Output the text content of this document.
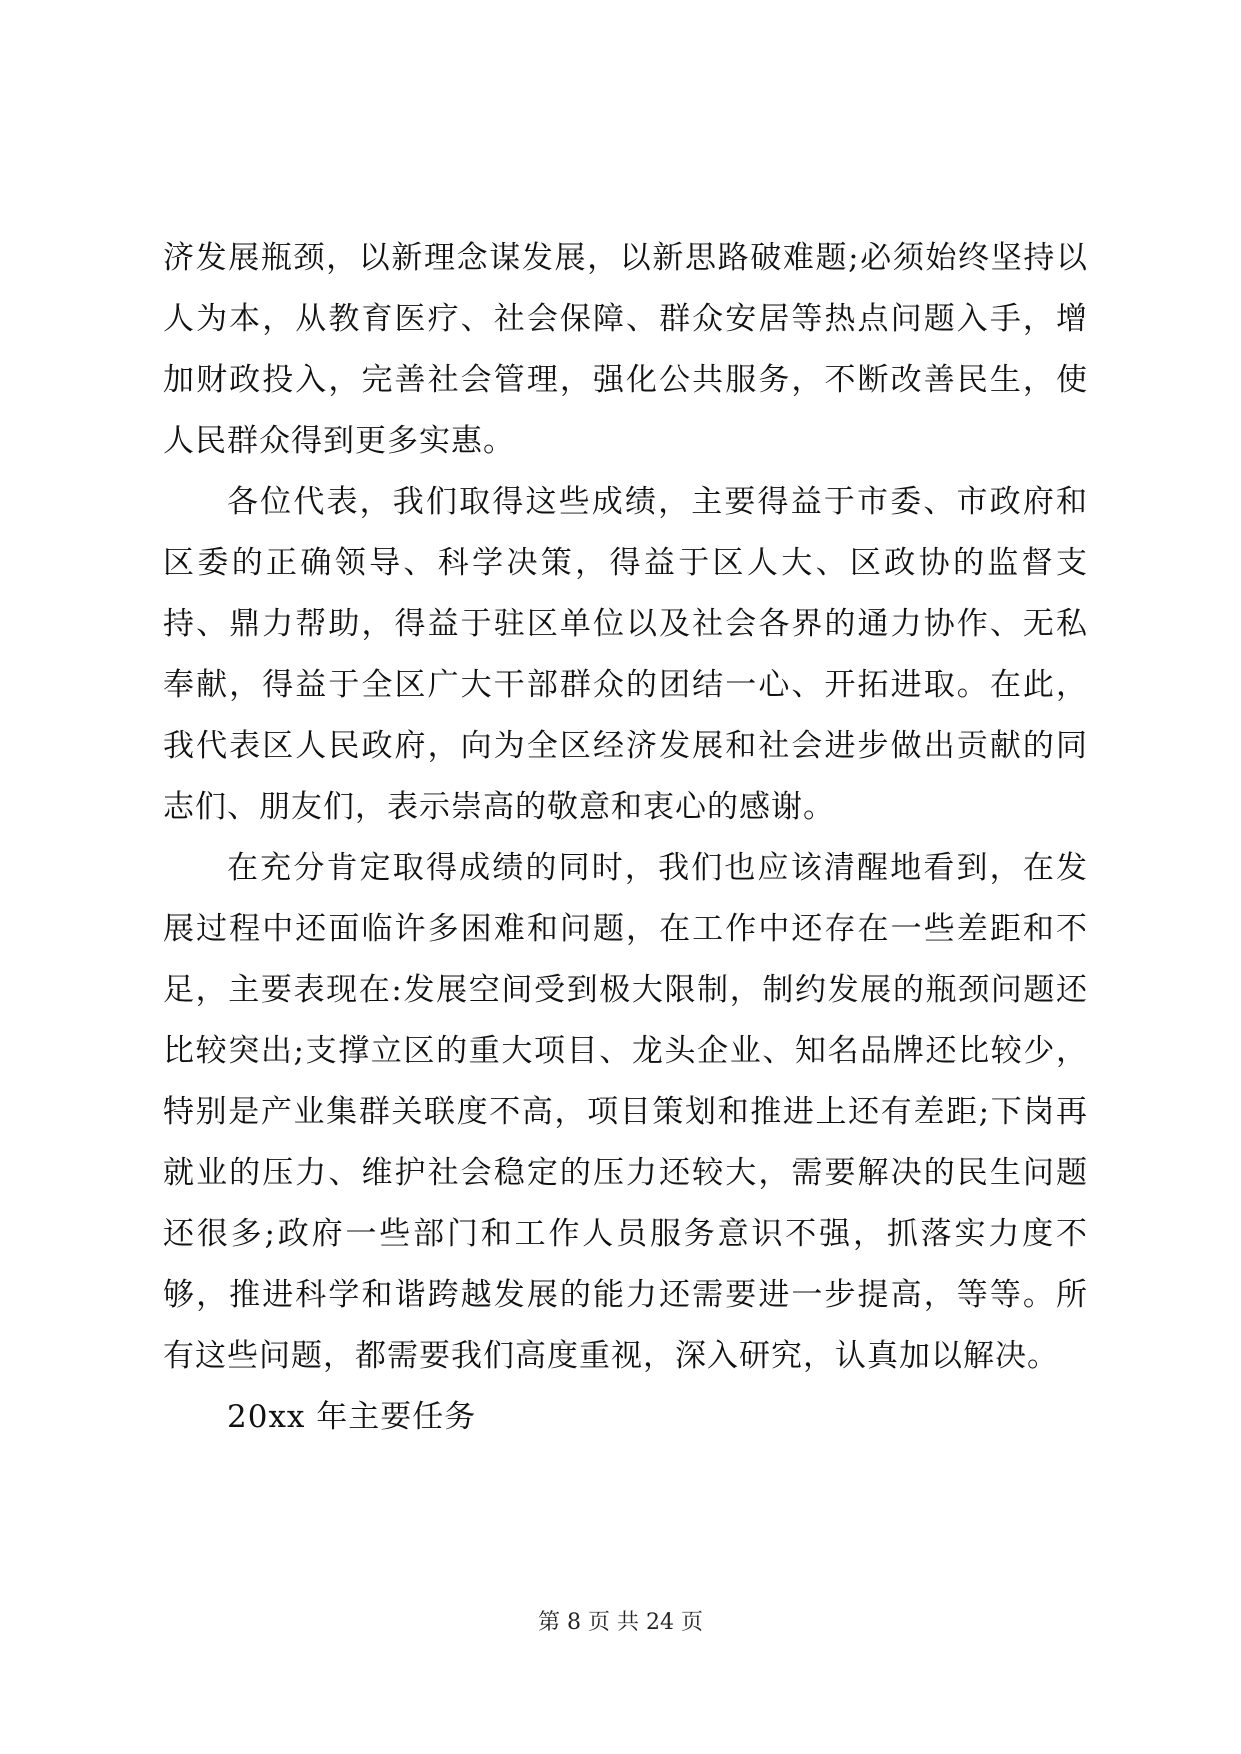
济发展瓶颈，以新理念谋发展，以新思路破难题;必须始终坚持以人为本，从教育医疗、社会保障、群众安居等热点问题入手，增加财政投入，完善社会管理，强化公共服务，不断改善民生，使人民群众得到更多实惠。

各位代表，我们取得这些成绩，主要得益于市委、市政府和区委的正确领导、科学决策，得益于区人大、区政协的监督支持、鼎力帮助，得益于驻区单位以及社会各界的通力协作、无私奉献，得益于全区广大干部群众的团结一心、开拓进取。在此，我代表区人民政府，向为全区经济发展和社会进步做出贡献的同志们、朋友们，表示崇高的敬意和衷心的感谢。

在充分肯定取得成绩的同时，我们也应该清醒地看到，在发展过程中还面临许多困难和问题，在工作中还存在一些差距和不足，主要表现在:发展空间受到极大限制，制约发展的瓶颈问题还比较突出;支撑立区的重大项目、龙头企业、知名品牌还比较少，特别是产业集群关联度不高，项目策划和推进上还有差距;下岗再就业的压力、维护社会稳定的压力还较大，需要解决的民生问题还很多;政府一些部门和工作人员服务意识不强，抓落实力度不够，推进科学和谐跨越发展的能力还需要进一步提高，等等。所有这些问题，都需要我们高度重视，深入研究，认真加以解决。

20xx 年主要任务

第 8 页 共 24 页
